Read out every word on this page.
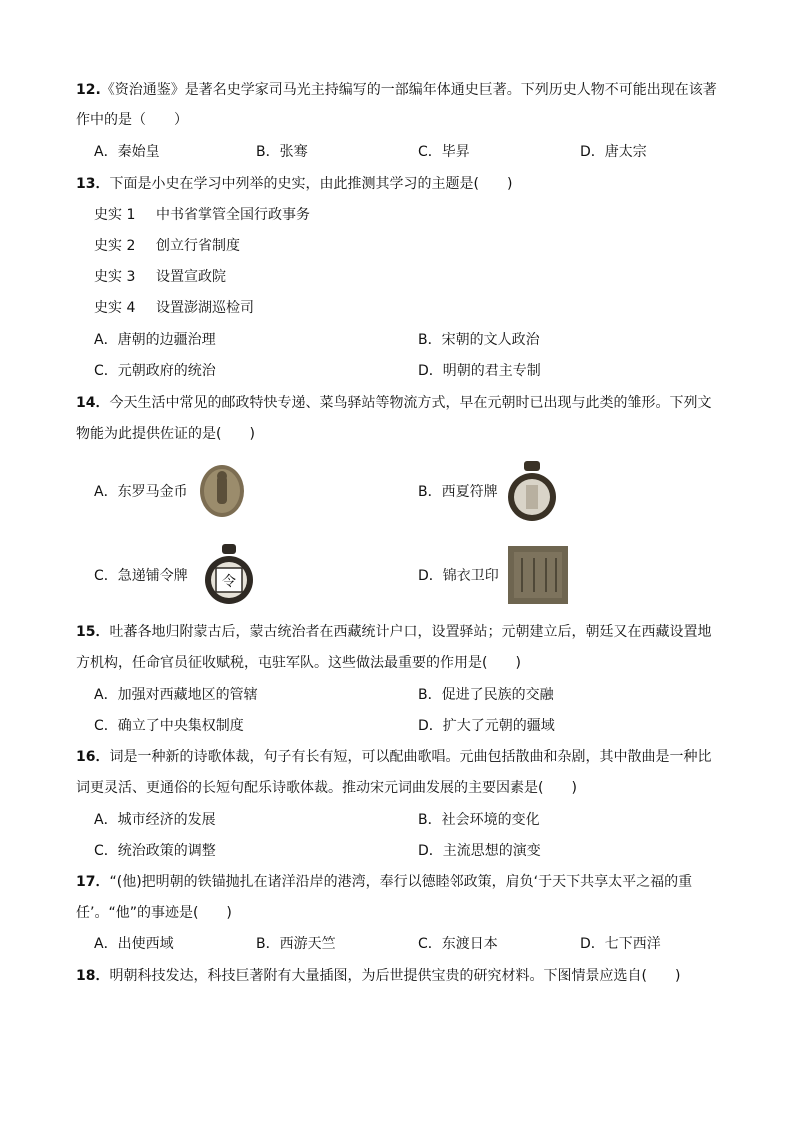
12.《资治通鉴》是著名史学家司马光主持编写的一部编年体通史巨著。下列历史人物不可能出现在该著
作中的是（　　）
A．秦始皇	B．张骞	C．毕昇	D．唐太宗
13．下面是小史在学习中列举的史实，由此推测其学习的主题是(　　)
史实 1 中书省掌管全国行政事务
史实 2 创立行省制度
史实 3 设置宣政院
史实 4 设置澎湖巡检司
A．唐朝的边疆治理	B．宋朝的文人政治
C．元朝政府的统治	D．明朝的君主专制
14．今天生活中常见的邮政特快专递、菜鸟驿站等物流方式，早在元朝时已出现与此类的雏形。下列文
物能为此提供佐证的是(　　)
A．东罗马金币	B．西夏符牌
C．急递铺令牌 令	D．锦衣卫印
15．吐蕃各地归附蒙古后，蒙古统治者在西藏统计户口，设置驿站；元朝建立后，朝廷又在西藏设置地
方机构，任命官员征收赋税，屯驻军队。这些做法最重要的作用是(　　)
A．加强对西藏地区的管辖	B．促进了民族的交融
C．确立了中央集权制度	D．扩大了元朝的疆域
16．词是一种新的诗歌体裁，句子有长有短，可以配曲歌唱。元曲包括散曲和杂剧，其中散曲是一种比
词更灵活、更通俗的长短句配乐诗歌体裁。推动宋元词曲发展的主要因素是(　　)
A．城市经济的发展	B．社会环境的变化
C．统治政策的调整	D．主流思想的演变
17．“(他)把明朝的铁锚抛扎在诸洋沿岸的港湾，奉行以德睦邻政策，肩负‘于天下共享太平之福的重
任’。“他”的事迹是(　　)
A．出使西域	B．西游天竺	C．东渡日本	D．七下西洋
18．明朝科技发达，科技巨著附有大量插图，为后世提供宝贵的研究材料。下图情景应选自(　　)
